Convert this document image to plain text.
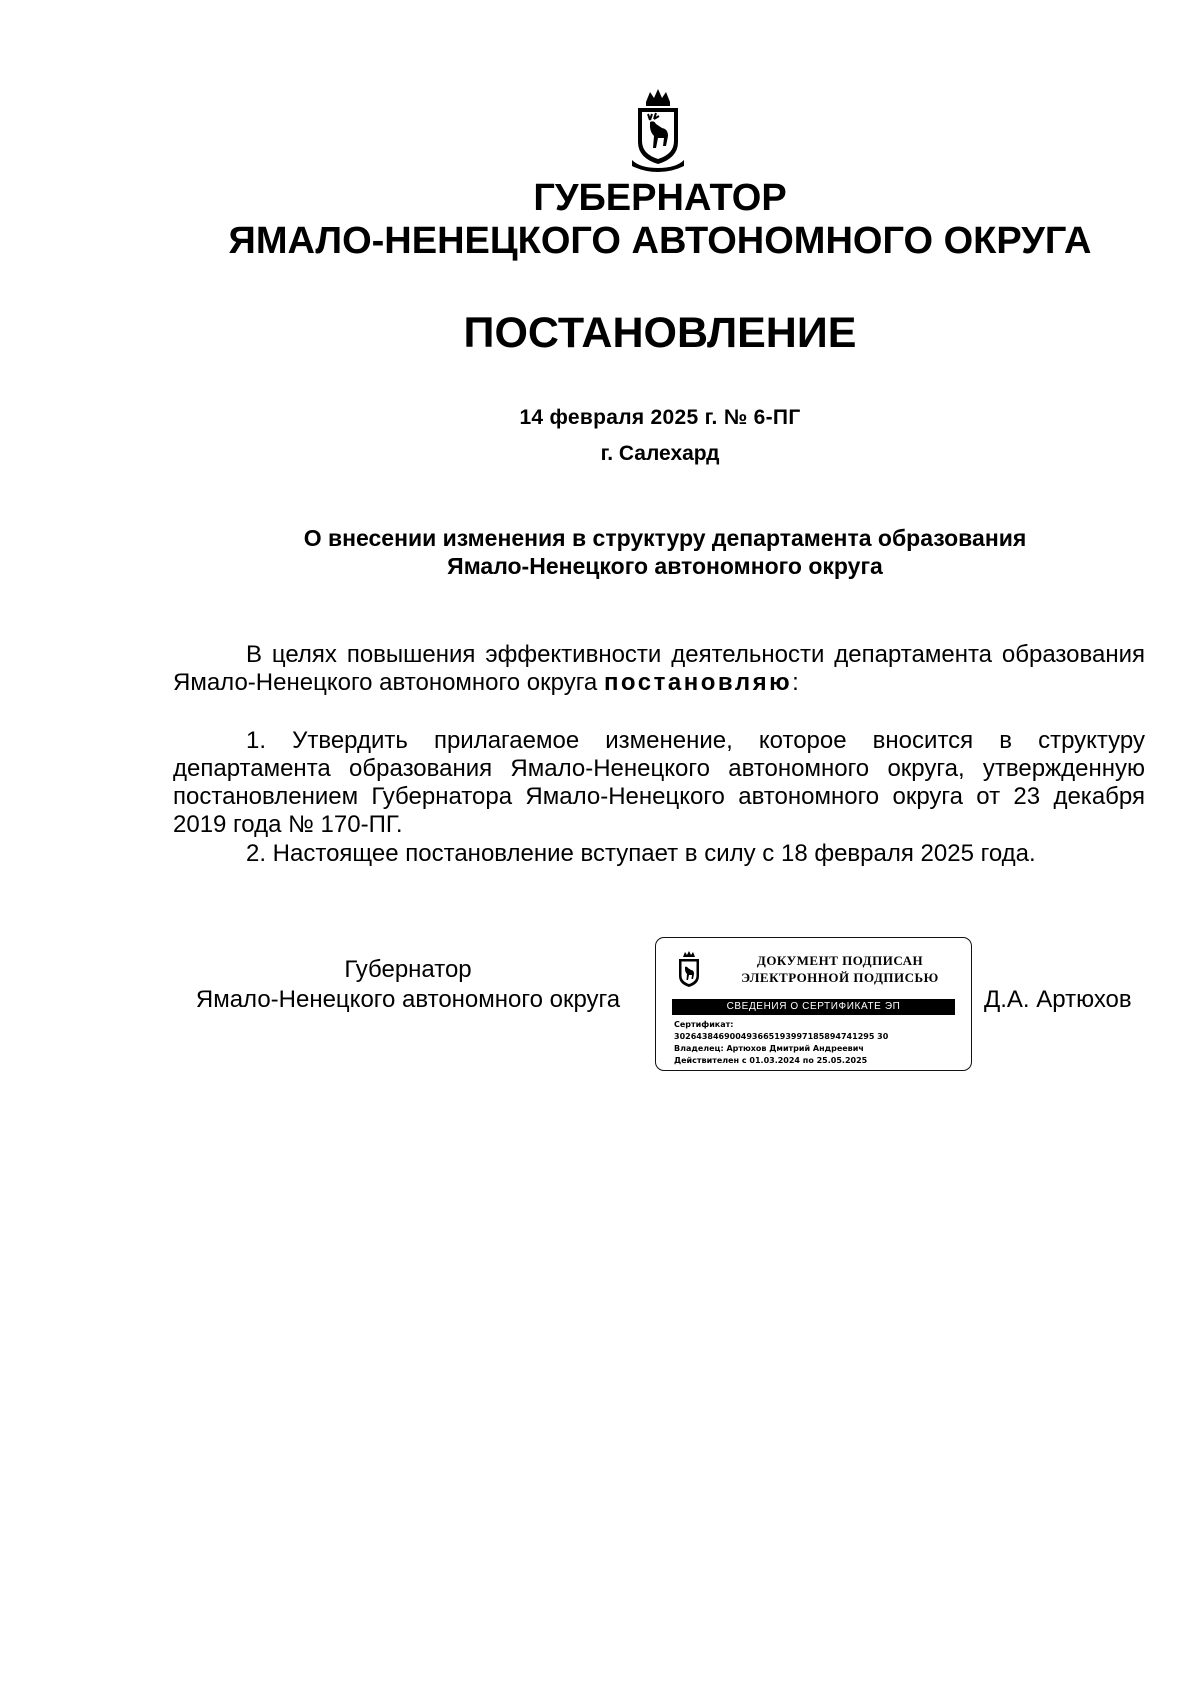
ГУБЕРНАТОР
ЯМАЛО-НЕНЕЦКОГО АВТОНОМНОГО ОКРУГА
ПОСТАНОВЛЕНИЕ
14 февраля 2025 г. № 6-ПГ
г. Салехард
О внесении изменения в структуру департамента образования
Ямало-Ненецкого автономного округа
В целях повышения эффективности деятельности департамента образования Ямало-Ненецкого автономного округа постановляю:
1. Утвердить прилагаемое изменение, которое вносится в структуру департамента образования Ямало-Ненецкого автономного округа, утвержденную постановлением Губернатора Ямало-Ненецкого автономного округа от 23 декабря 2019 года № 170-ПГ.
2. Настоящее постановление вступает в силу с 18 февраля 2025 года.
Губернатор
Ямало-Ненецкого автономного округа
ДОКУМЕНТ ПОДПИСАН
ЭЛЕКТРОННОЙ ПОДПИСЬЮ
СВЕДЕНИЯ О СЕРТИФИКАТЕ ЭП
Сертификат:
302643846900493665193997185894741295 30
Владелец: Артюхов Дмитрий Андреевич
Действителен с 01.03.2024 по 25.05.2025
Д.А. Артюхов
